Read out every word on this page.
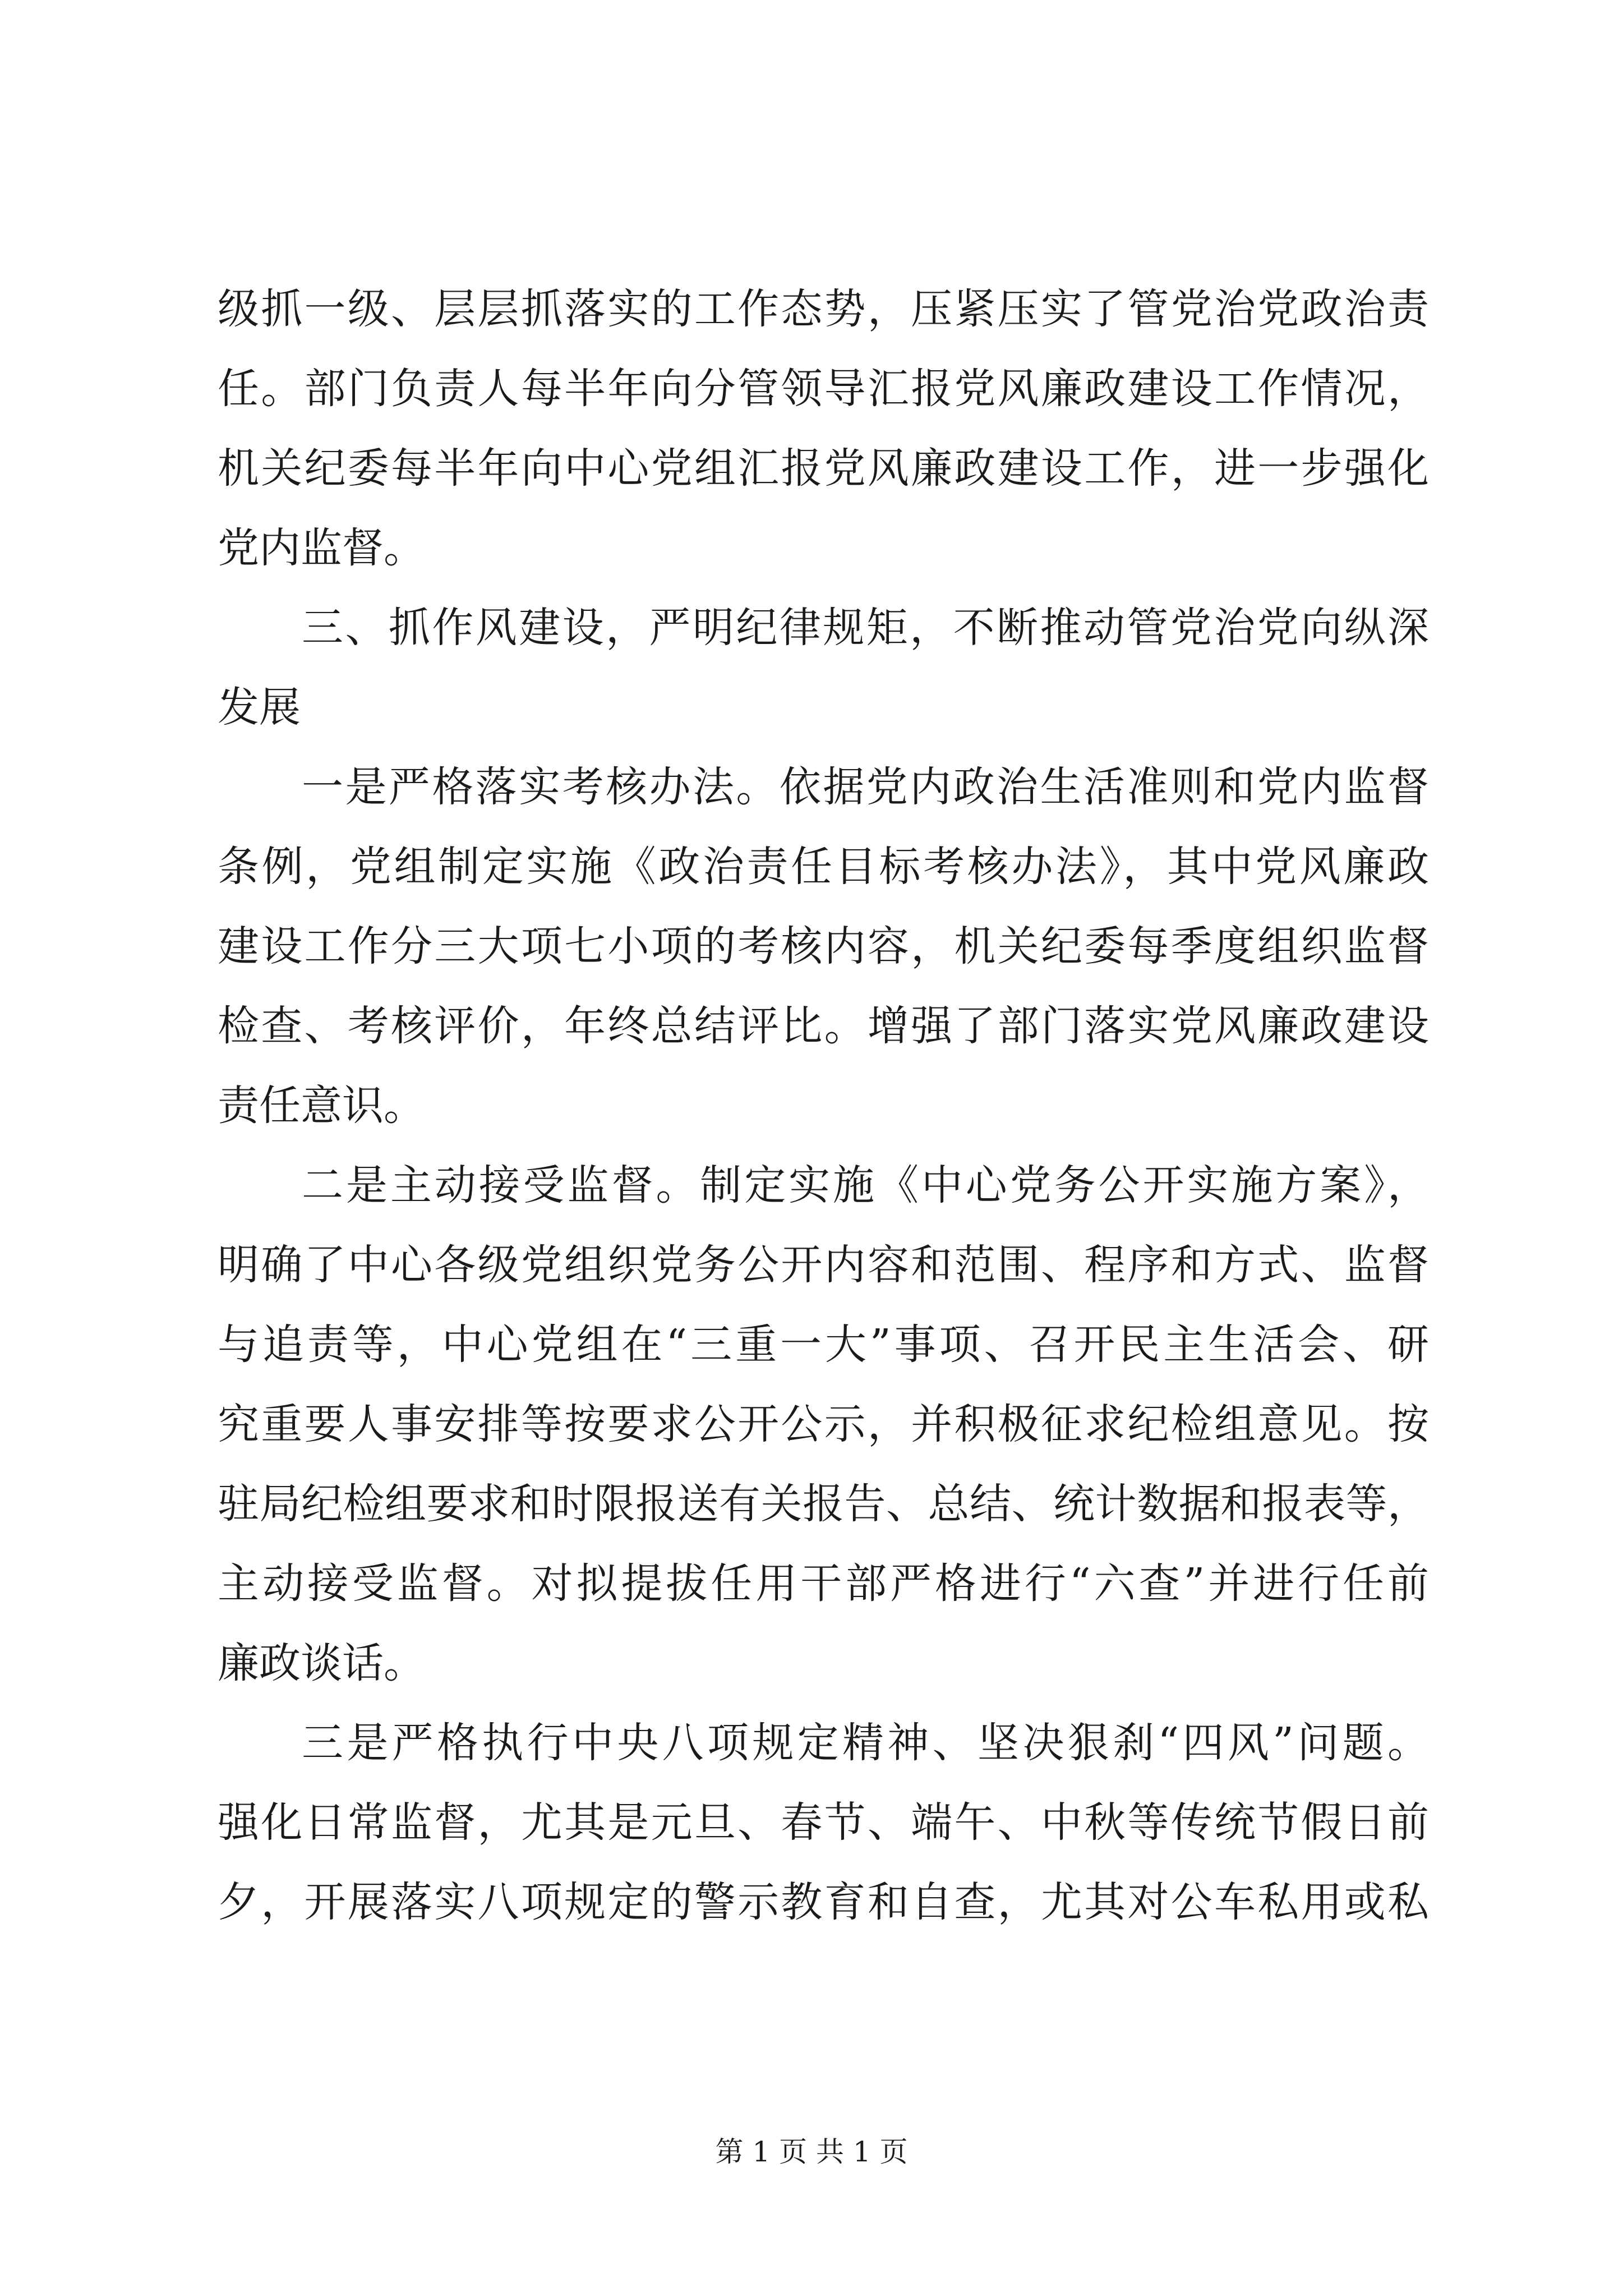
级抓一级、层层抓落实的工作态势，压紧压实了管党治党政治责
任。部门负责人每半年向分管领导汇报党风廉政建设工作情况，
机关纪委每半年向中心党组汇报党风廉政建设工作，进一步强化
党内监督。
三、抓作风建设，严明纪律规矩，不断推动管党治党向纵深
发展
一是严格落实考核办法。依据党内政治生活准则和党内监督
条例，党组制定实施《政治责任目标考核办法》，其中党风廉政
建设工作分三大项七小项的考核内容，机关纪委每季度组织监督
检查、考核评价，年终总结评比。增强了部门落实党风廉政建设
责任意识。
二是主动接受监督。制定实施《中心党务公开实施方案》，
明确了中心各级党组织党务公开内容和范围、程序和方式、监督
与追责等，中心党组在“三重一大”事项、召开民主生活会、研
究重要人事安排等按要求公开公示，并积极征求纪检组意见。按
驻局纪检组要求和时限报送有关报告、总结、统计数据和报表等，
主动接受监督。对拟提拔任用干部严格进行“六查”并进行任前
廉政谈话。
三是严格执行中央八项规定精神、坚决狠刹“四风”问题。
强化日常监督，尤其是元旦、春节、端午、中秋等传统节假日前
夕，开展落实八项规定的警示教育和自查，尤其对公车私用或私
第 1 页 共 1 页
